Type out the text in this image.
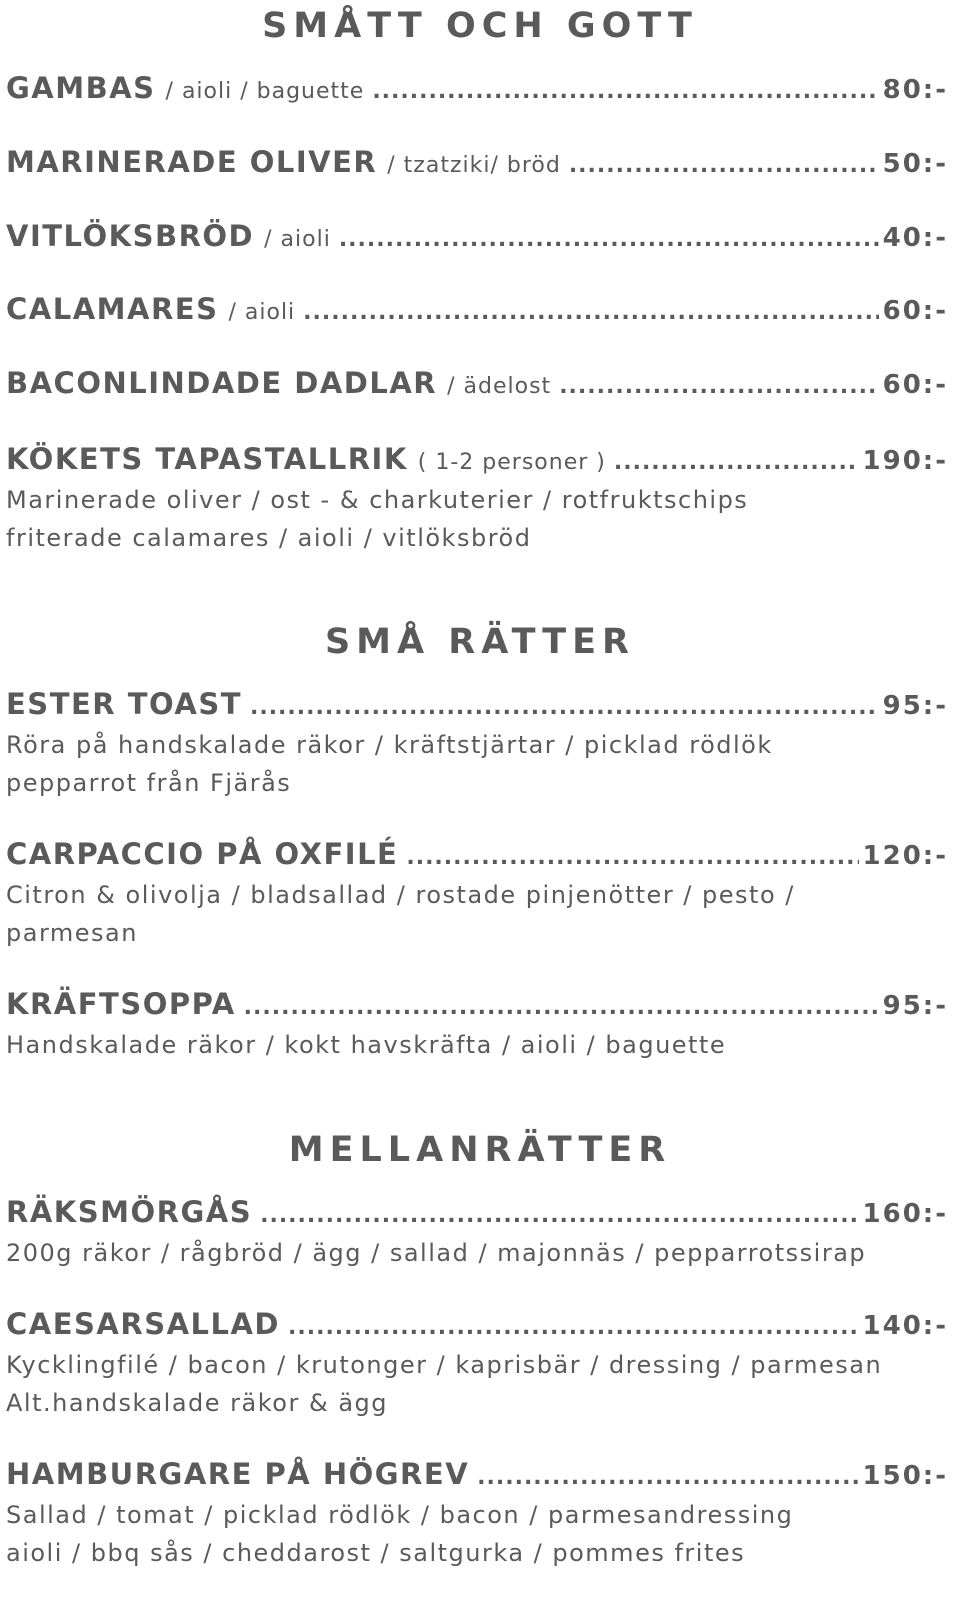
SMÅTT OCH GOTT
GAMBAS / aioli / baguette .....	80:-
MARINERADE OLIVER / tzatziki/ bröd .....	50:-
VITLÖKSBRÖD / aioli .....	40:-
CALAMARES / aioli .....	60:-
BACONLINDADE DADLAR / ädelost .....	60:-
KÖKETS TAPASTALLRIK ( 1-2 personer ) .....	190:-
Marinerade oliver / ost - & charkuterier / rotfruktschips
friterade calamares / aioli / vitlöksbröd
SMÅ RÄTTER
ESTER TOAST .....	95:-
Röra på handskalade räkor / kräftstjärtar / picklad rödlök
pepparrot från Fjärås
CARPACCIO PÅ OXFILÉ .....	120:-
Citron & olivolja / bladsallad / rostade pinjenötter / pesto /
parmesan
KRÄFTSOPPA .....	95:-
Handskalade räkor / kokt havskräfta / aioli / baguette
MELLANRÄTTER
RÄKSMÖRGÅS .....	160:-
200g räkor / rågbröd / ägg / sallad / majonnäs / pepparrotssirap
CAESARSALLAD .....	140:-
Kycklingfilé / bacon / krutonger / kaprisbär / dressing / parmesan
Alt.handskalade räkor & ägg
HAMBURGARE PÅ HÖGREV .....	150:-
Sallad / tomat / picklad rödlök / bacon / parmesandressing
aioli / bbq sås / cheddarost / saltgurka / pommes frites
